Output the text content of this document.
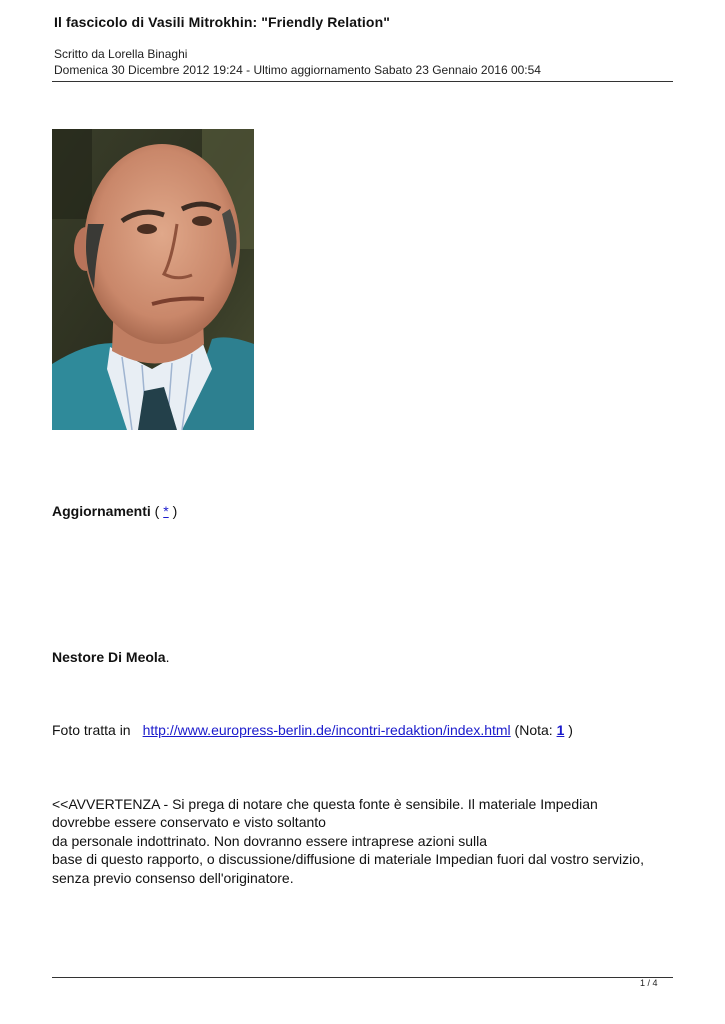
Il fascicolo di Vasili Mitrokhin: "Friendly Relation"
Scritto da Lorella Binaghi
Domenica 30 Dicembre 2012 19:24 - Ultimo aggiornamento Sabato 23 Gennaio 2016 00:54
Aggiornamenti ( * )
Nestore Di Meola.
Foto tratta in http://www.europress-berlin.de/incontri-redaktion/index.html (Nota: 1 )
<<AVVERTENZA - Si prega di notare che questa fonte è sensibile. Il materiale Impedian
dovrebbe essere conservato e visto soltanto
da personale indottrinato. Non dovranno essere intraprese azioni sulla
base di questo rapporto, o discussione/diffusione di materiale Impedian fuori dal vostro servizio,
senza previo consenso dell'originatore.
1 / 4
